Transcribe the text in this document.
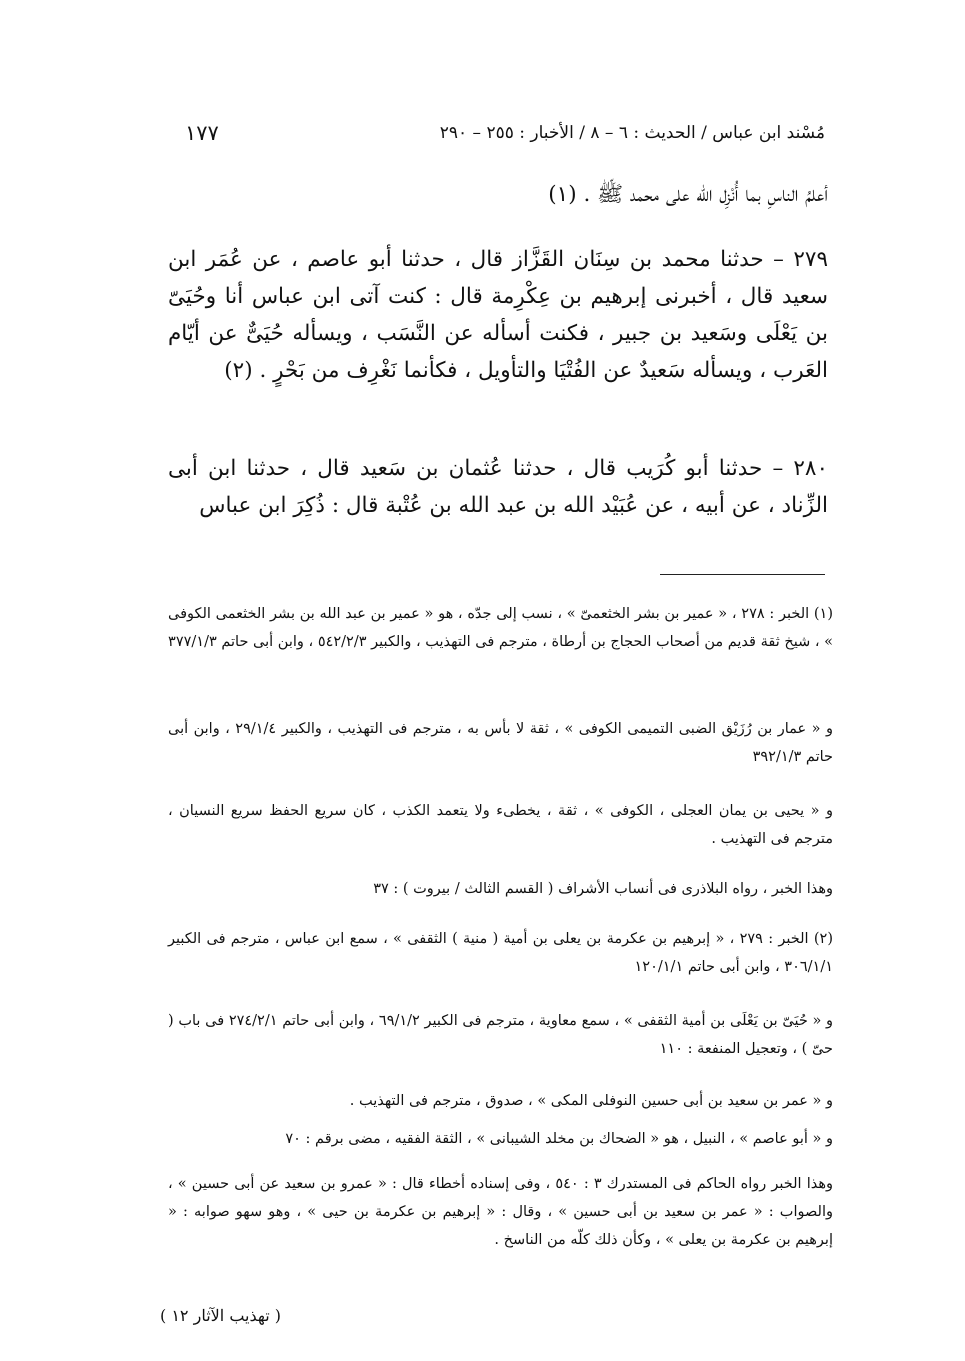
مُسْند ابن عباس / الحديث : ٦ – ٨ / الأخبار : ٢٥٥ – ٢٩٠
١٧٧

أعلمُ الناسِ بما أُنْزِل الله على محمد ﷺ . (١)

٢٧٩ – حدثنا محمد بن سِنَان القَزَّاز قال ، حدثنا أبو عاصم ، عن عُمَر ابن سعيد قال ، أخبرنى إبرهيم بن عِكْرِمة قال : كنت آتى ابن عباس أنا وحُيَىّ بن يَعْلَى وسَعيد بن جبير ، فكنت أسأله عن النَّسَب ، ويسأله حُيَىٌّ عن أيّام العَرب ، ويسأله سَعيدٌ عن الفُتْيَا والتأويل ، فكأنما نَغْرِف من بَحْرٍ . (٢)

٢٨٠ – حدثنا أبو كُرَيب قال ، حدثنا عُثمان بن سَعيد قال ، حدثنا ابن أبى الزِّناد ، عن أبيه ، عن عُبَيْد الله بن عبد الله بن عُتْبة قال : ذُكِرَ ابن عباس

(١) الخبر : ٢٧٨ ، « عمير بن بشر الخثعمىّ » ، نسب إلى جدّه ، هو « عمير بن عبد الله بن بشر الخثعمى الكوفى » ، شيخ ثقة قديم من أصحاب الحجاج بن أرطاة ، مترجم فى التهذيب ، والكبير ٥٤٢/٢/٣ ، وابن أبى حاتم ٣٧٧/١/٣

و « عمار بن رُزَيْق الضبى التميمى الكوفى » ، ثقة لا بأس به ، مترجم فى التهذيب ، والكبير ٢٩/١/٤ ، وابن أبى حاتم ٣٩٢/١/٣

و « يحيى بن يمان العجلى ، الكوفى » ، ثقة ، يخطىء ولا يتعمد الكذب ، كان سريع الحفظ سريع النسيان ، مترجم فى التهذيب .

وهذا الخبر ، رواه البلاذرى فى أنساب الأشراف ( القسم الثالث / بيروت ) : ٣٧

(٢) الخبر : ٢٧٩ ، « إبرهيم بن عكرمة بن يعلى بن أمية ( منية ) الثقفى » ، سمع ابن عباس ، مترجم فى الكبير ٣٠٦/١/١ ، وابن أبى حاتم ١٢٠/١/١

و « حُيَىّ بن يَعْلَى بن أمية الثقفى » ، سمع معاوية ، مترجم فى الكبير ٦٩/١/٢ ، وابن أبى حاتم ٢٧٤/٢/١ فى باب ( حىّ ) ، وتعجيل المنفعة : ١١٠

و « عمر بن سعيد بن أبى حسين النوفلى المكى » ، صدوق ، مترجم فى التهذيب .

و « أبو عاصم » ، النبيل ، هو « الضحاك بن مخلد الشيبانى » ، الثقة الفقيه ، مضى برقم : ٧٠

وهذا الخبر رواه الحاكم فى المستدرك ٣ : ٥٤٠ ، وفى إسناده أخطاء قال : « عمرو بن سعيد عن أبى حسين » ، والصواب : « عمر بن سعيد بن أبى حسين » ، وقال : « إبرهيم بن عكرمة بن حيى » ، وهو سهو صوابه : « إبرهيم بن عكرمة بن يعلى » ، وكأن ذلك كلّه من الناسخ .

( تهذيب الآثار ١٢ )
